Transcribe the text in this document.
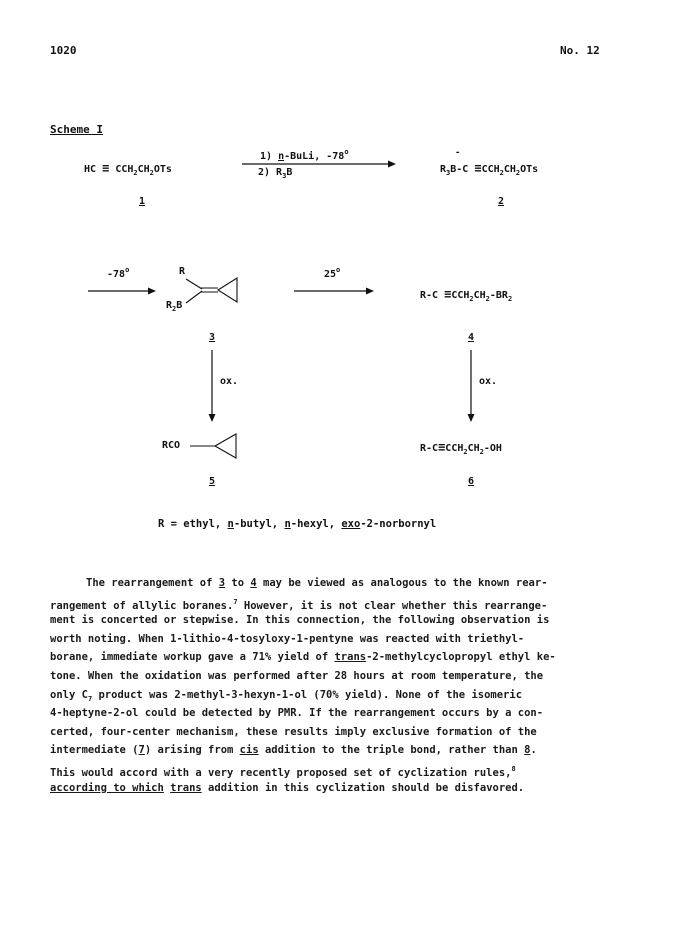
1020	No. 12
Scheme I
HC ≡ $CCH_2CH_2OTs$
1
1) n-BuLi, -78$^o$
2) $R_3B$	$R_3B-C \equiv CCH_2CH_2OTs$
-
2
-78$^o$	R
$R_2B$
3
25$^o$
$R-C \equiv CCH_2CH_2-BR_2$
4
ox.	ox.
RCO
5
$R-C\equiv CCH_2CH_2-OH$
6
R = ethyl, n-butyl, n-hexyl, exo-2-norbornyl
The rearrangement of 3 to 4 may be viewed as analogous to the known rear-
rangement of allylic boranes.$^7$ However, it is not clear whether this rearrange-
ment is concerted or stepwise. In this connection, the following observation is
worth noting. When 1-lithio-4-tosyloxy-1-pentyne was reacted with triethyl-
borane, immediate workup gave a 71% yield of trans-2-methylcyclopropyl ethyl ke-
tone. When the oxidation was performed after 28 hours at room temperature, the
only $C_7$ product was 2-methyl-3-hexyn-1-ol (70% yield). None of the isomeric
4-heptyne-2-ol could be detected by PMR. If the rearrangement occurs by a con-
certed, four-center mechanism, these results imply exclusive formation of the
intermediate (7) arising from cis addition to the triple bond, rather than 8.
This would accord with a very recently proposed set of cyclization rules,$^8$
according to which trans addition in this cyclization should be disfavored.
